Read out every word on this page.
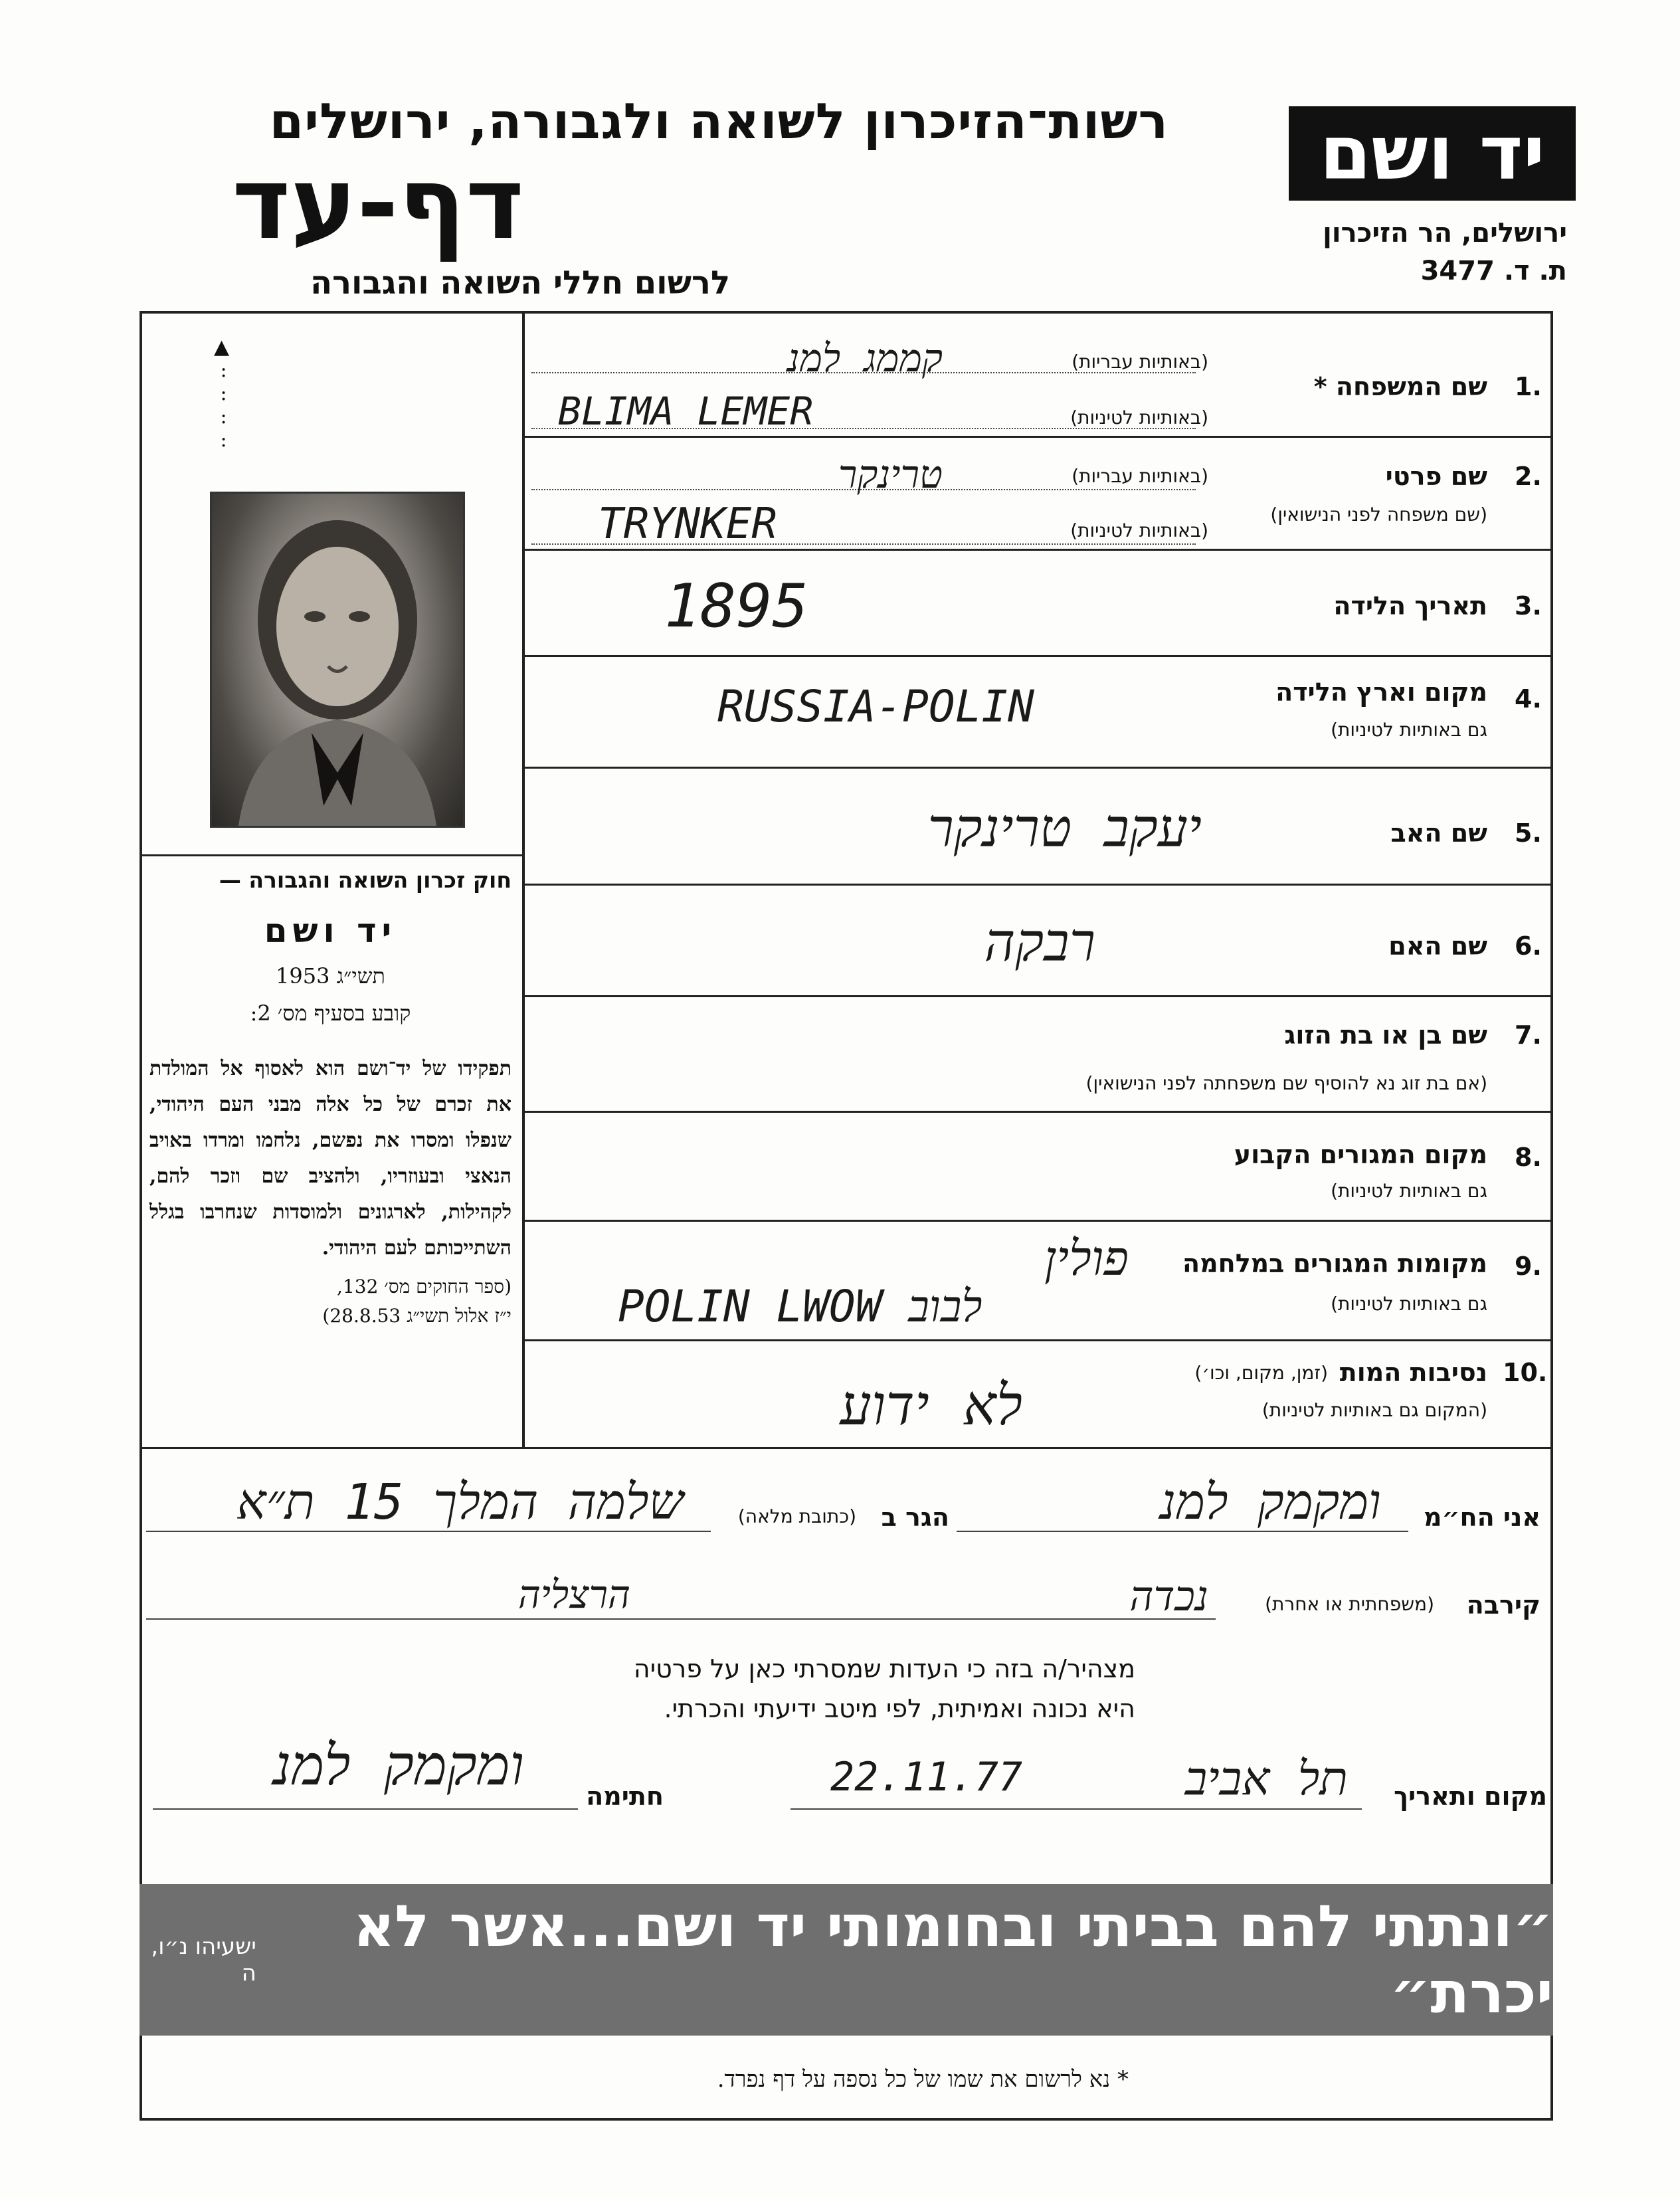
רשות־הזיכרון לשואה ולגבורה, ירושלים
דף-עד
לרשום חללי השואה והגבורה
יד ושם
ירושלים, הר הזיכרון
ת. ד. 3477
▲
:
:
:
:
חוק זכרון השואה והגבורה —
יד ושם
תשי״ג 1953
קובע בסעיף מס׳ 2:
תפקידו של יד־ושם הוא לאסוף אל המולדת את זכרם של כל אלה מבני העם היהודי, שנפלו ומסרו את נפשם, נלחמו ומרדו באויב הנאצי ובעוזריו, ולהציב שם וזכר להם, לקהילות, לארגונים ולמוסדות שנחרבו בגלל השתייכותם לעם היהודי.
(ספר החוקים מס׳ 132,
י״ז אלול תשי״ג 28.8.53)
1.
שם המשפחה *
(באותיות עבריות)
(באותיות לטיניות)
קממג למנ
BLIMA LEMER
2.
שם פרטי
(שם משפחה לפני הנישואין)
(באותיות עבריות)
(באותיות לטיניות)
טרינקר
TRYNKER
3.
תאריך הלידה
1895
4.
מקום וארץ הלידה
גם באותיות לטיניות)
RUSSIA-POLIN
5.
שם האב
יעקב טרינקר
6.
שם האם
רבקה
7.
שם בן או בת הזוג
(אם בת זוג נא להוסיף שם משפחתה לפני הנישואין)
8.
מקום המגורים הקבוע
גם באותיות לטיניות)
9.
מקומות המגורים במלחמה
גם באותיות לטיניות)
פולין
POLIN LWOW לבוב
10.
נסיבות המות
(זמן, מקום, וכו׳)
(המקום גם באותיות לטיניות)
לא ידוע
אני הח״מ
ומקמק למנ
הגר ב
(כתובת מלאה)
שלמה המלך 15 ת״א
קירבה
(משפחתית או אחרת)
נכדה
הרצליה
מצהיר/ה בזה כי העדות שמסרתי כאן על פרטיה
היא נכונה ואמיתית, לפי מיטב ידיעתי והכרתי.
מקום ותאריך
22.11.77	תל אביב
חתימה
ומקמק למנ
״ונתתי להם בביתי ובחומותי יד ושם...אשר לא יכרת״
ישעיהו נ״ו, ה
* נא לרשום את שמו של כל נספה על דף נפרד.
